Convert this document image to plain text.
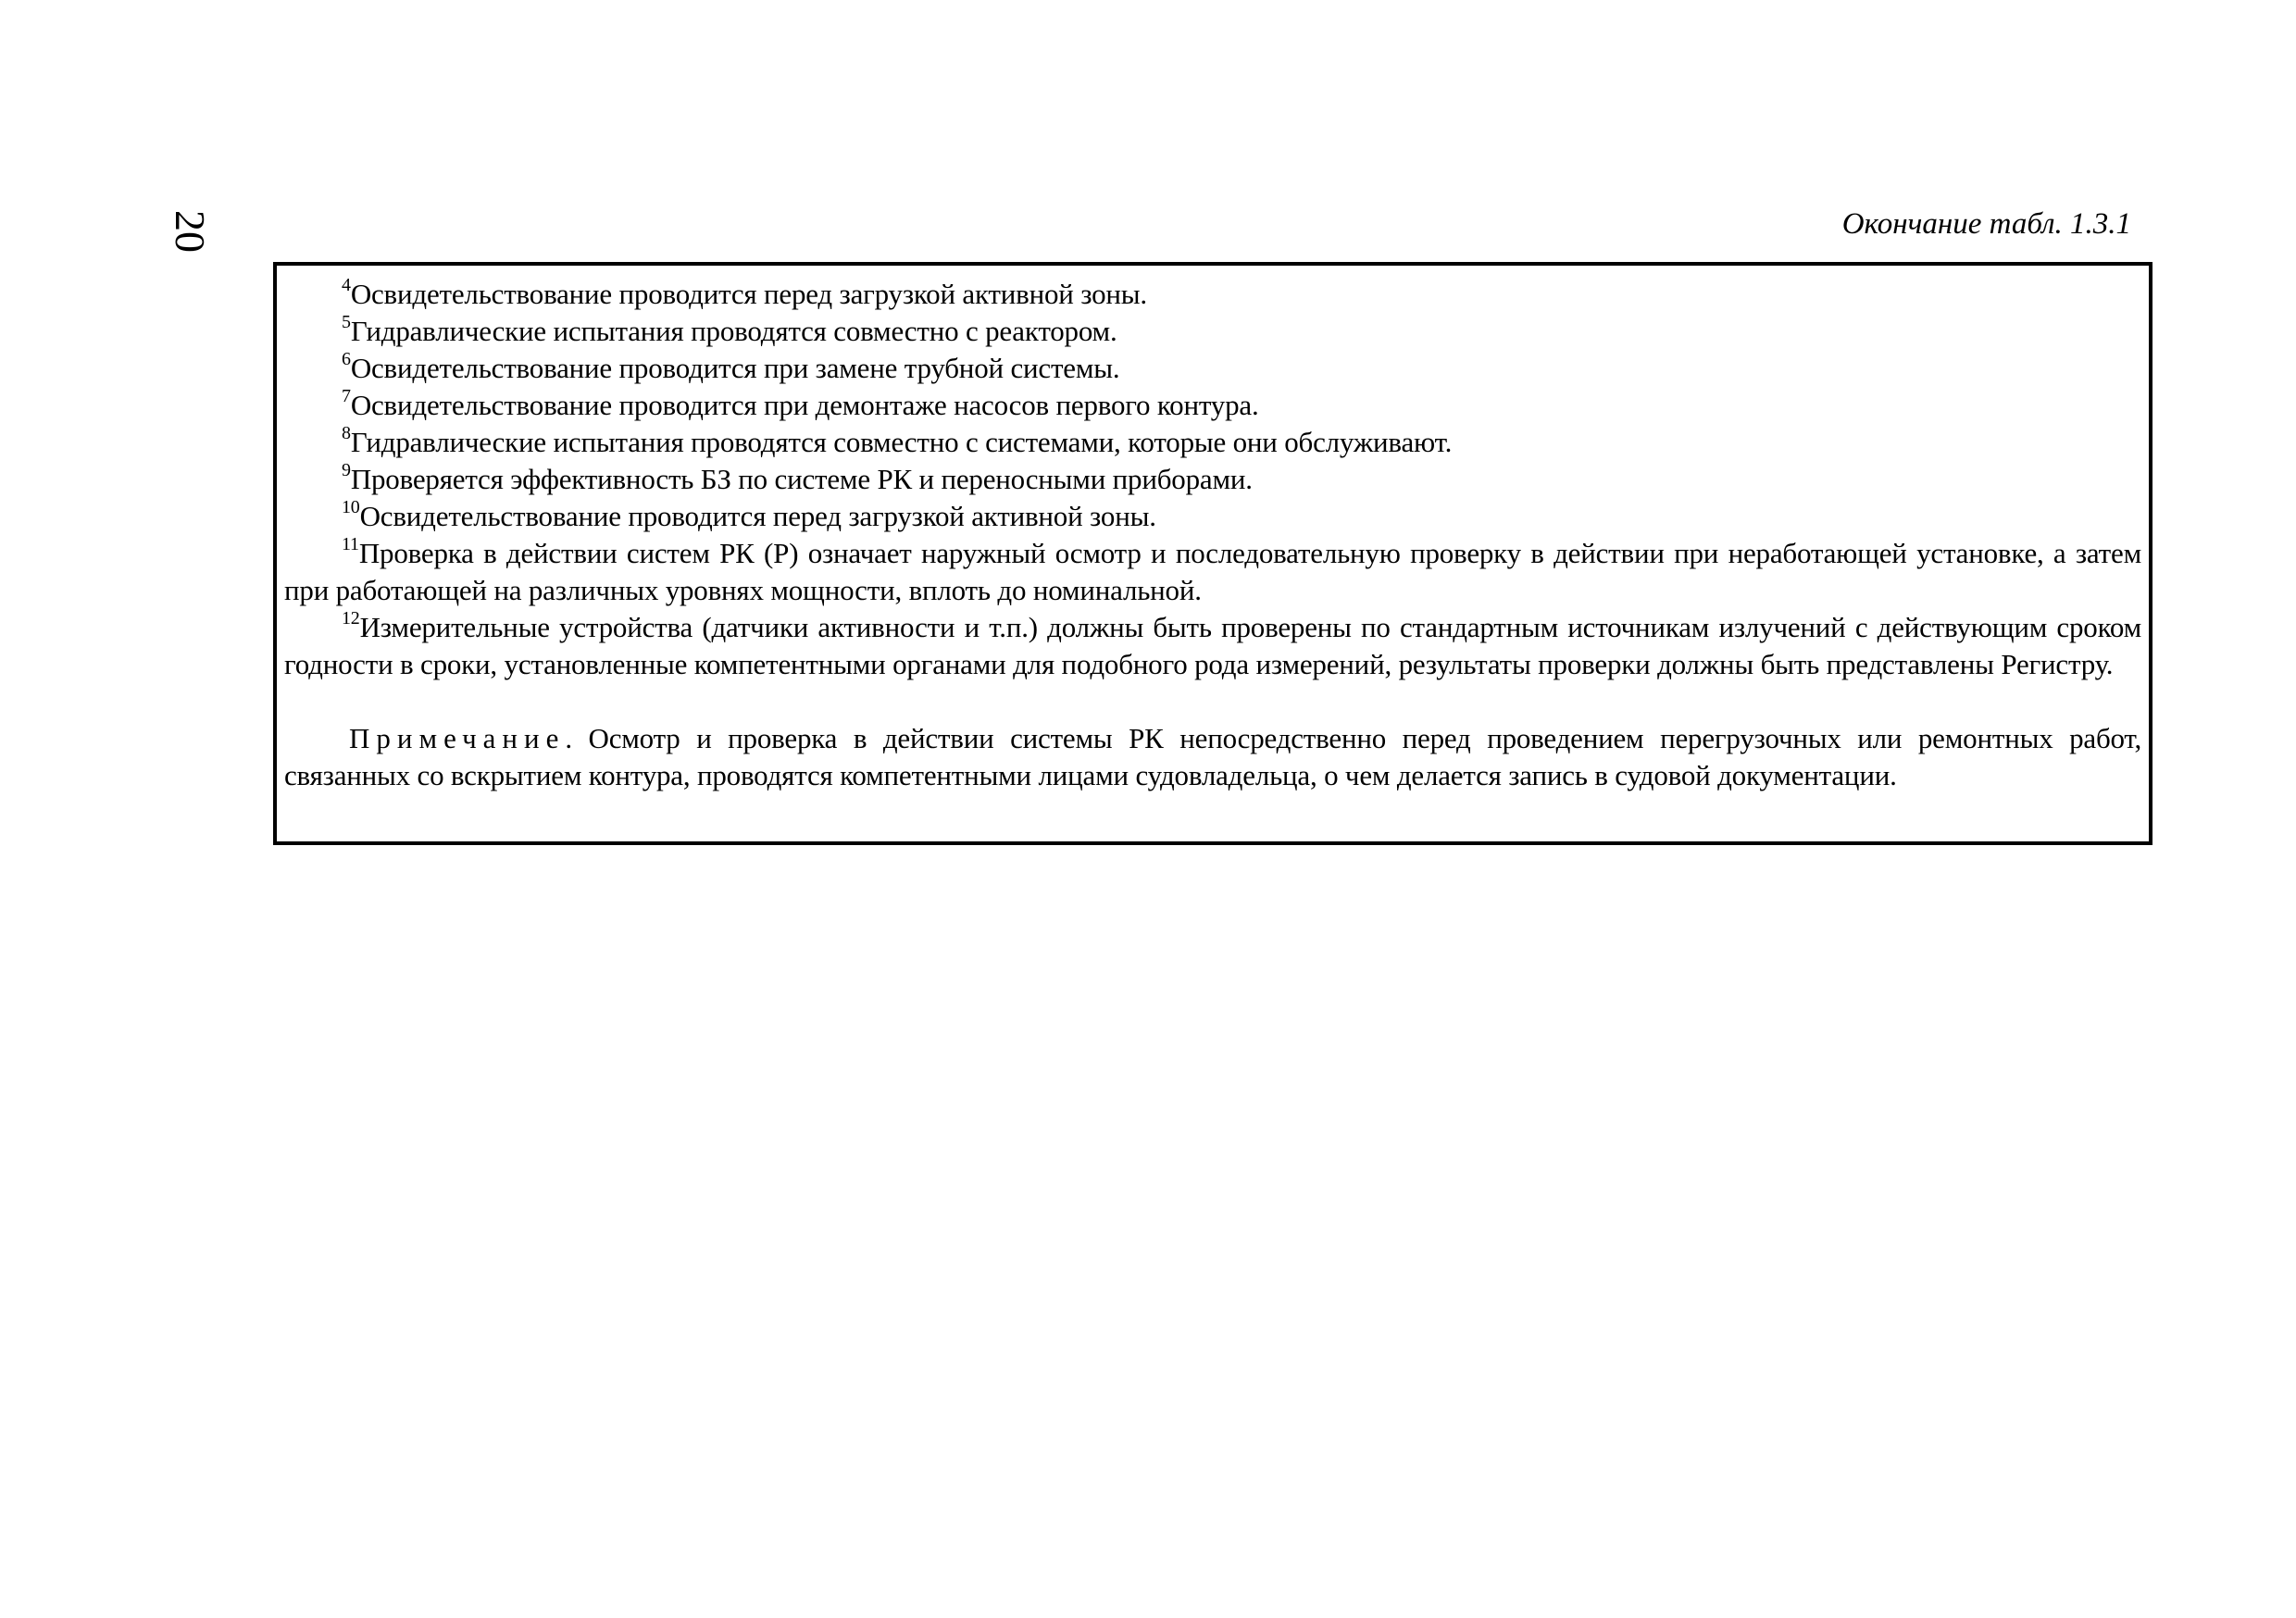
20	Окончание табл. 1.3.1

$^4$Освидетельствование проводится перед загрузкой активной зоны.

$^5$Гидравлические испытания проводятся совместно с реактором.

$^6$Освидетельствование проводится при замене трубной системы.

$^7$Освидетельствование проводится при демонтаже насосов первого контура.

$^8$Гидравлические испытания проводятся совместно с системами, которые они обслуживают.

$^9$Проверяется эффективность БЗ по системе РК и переносными приборами.

$^{10}$Освидетельствование проводится перед загрузкой активной зоны.

$^{11}$Проверка в действии систем РК (Р) означает наружный осмотр и последовательную проверку в действии при неработающей установке, а затем при работающей на различных уровнях мощности, вплоть до номинальной.

$^{12}$Измерительные устройства (датчики активности и т.п.) должны быть проверены по стандартным источникам излучений с действующим сроком годности в сроки, установленные компетентными органами для подобного рода измерений, результаты проверки должны быть представлены Регистру.

Примечание. Осмотр и проверка в действии системы РК непосредственно перед проведением перегрузочных или ремонтных работ, связанных со вскрытием контура, проводятся компетентными лицами судовладельца, о чем делается запись в судовой документации.
